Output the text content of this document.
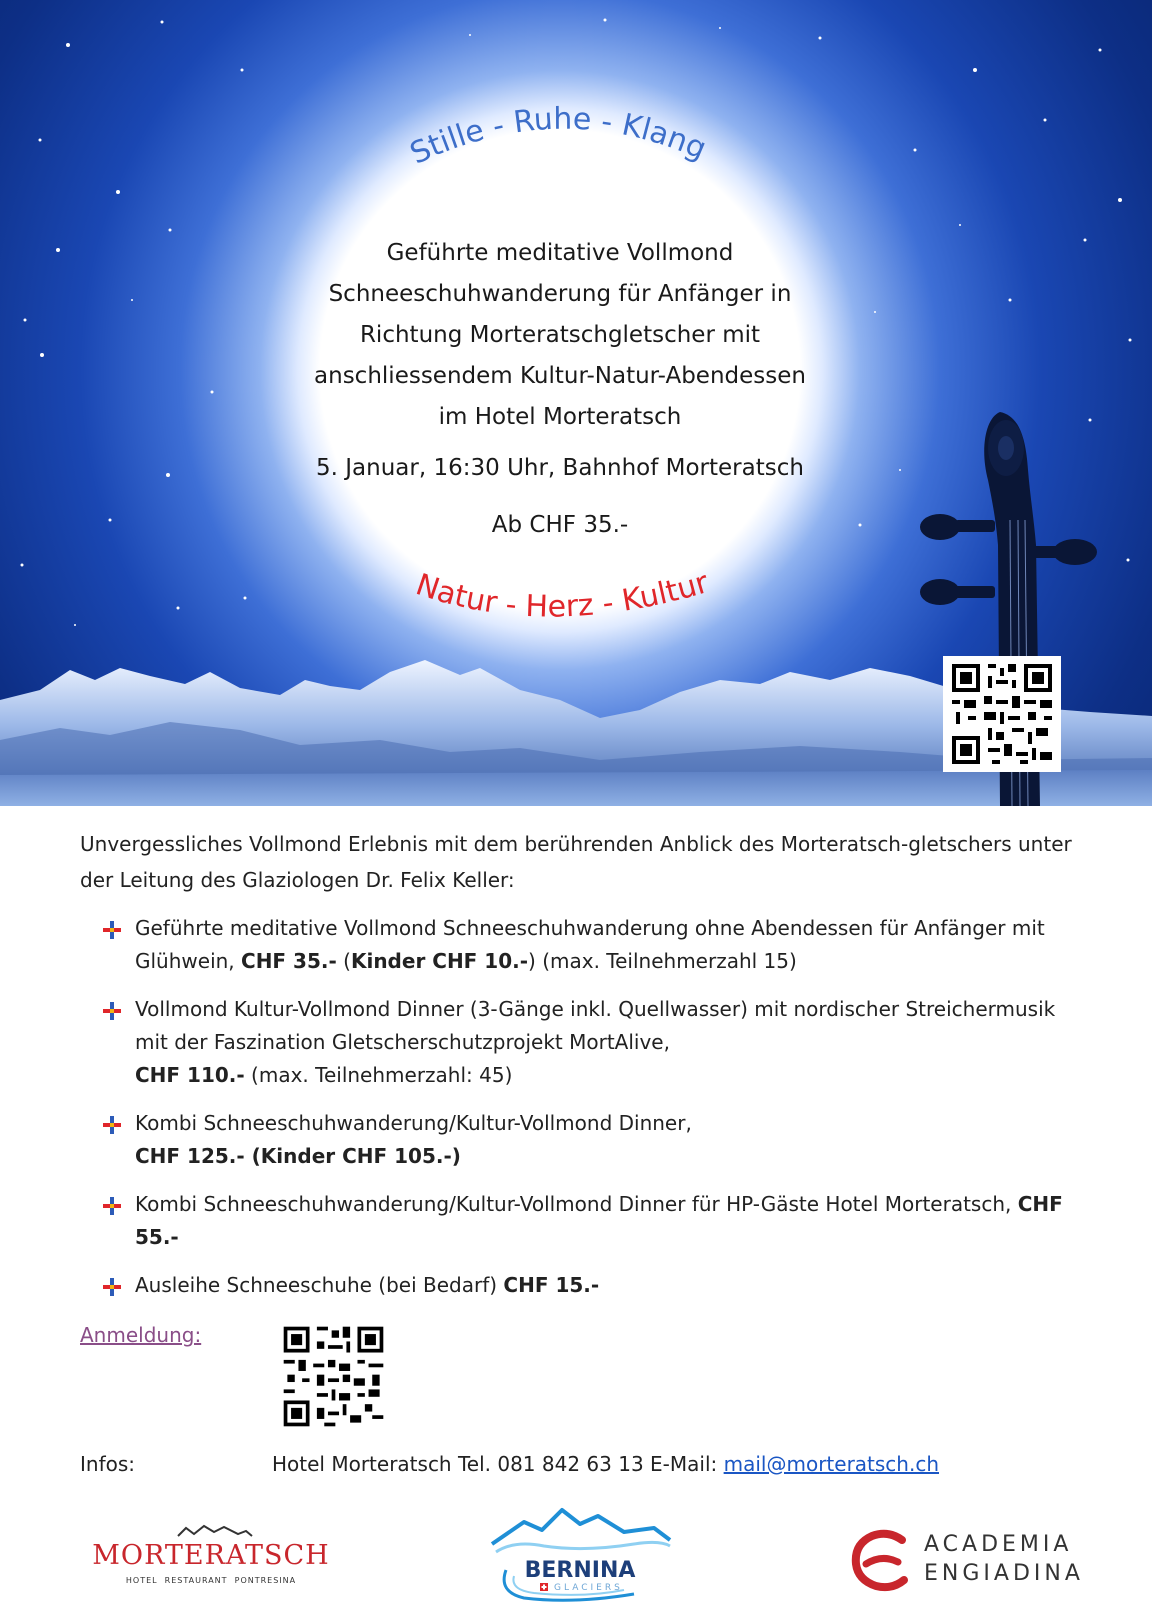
Stille - Ruhe - Klang
Natur - Herz - Kultur
Geführte meditative Vollmond
Schneeschuhwanderung für Anfänger in
Richtung Morteratschgletscher mit
anschliessendem Kultur-Natur-Abendessen
im Hotel Morteratsch
5. Januar, 16:30 Uhr, Bahnhof Morteratsch
Ab CHF 35.-

Unvergessliches Vollmond Erlebnis mit dem berührenden Anblick des Morteratsch-gletschers unter der Leitung des Glaziologen Dr. Felix Keller:

Geführte meditative Vollmond Schneeschuhwanderung ohne Abendessen für Anfänger mit Glühwein, CHF 35.- (Kinder CHF 10.-) (max. Teilnehmerzahl 15)
Vollmond Kultur-Vollmond Dinner (3-Gänge inkl. Quellwasser) mit nordischer Streichermusik mit der Faszination Gletscherschutzprojekt MortAlive,
CHF 110.- (max. Teilnehmerzahl: 45)
Kombi Schneeschuhwanderung/Kultur-Vollmond Dinner,
CHF 125.- (Kinder CHF 105.-)
Kombi Schneeschuhwanderung/Kultur-Vollmond Dinner für HP-Gäste Hotel Morteratsch, CHF 55.-
Ausleihe Schneeschuhe (bei Bedarf) CHF 15.-
Anmeldung:
Infos:	Hotel Morteratsch Tel. 081 842 63 13 E-Mail: mail@morteratsch.ch
MORTERATSCH
HOTEL  RESTAURANT  PONTRESINA	BERNINA
GLACIERS
ACADEMIA
ENGIADINA
